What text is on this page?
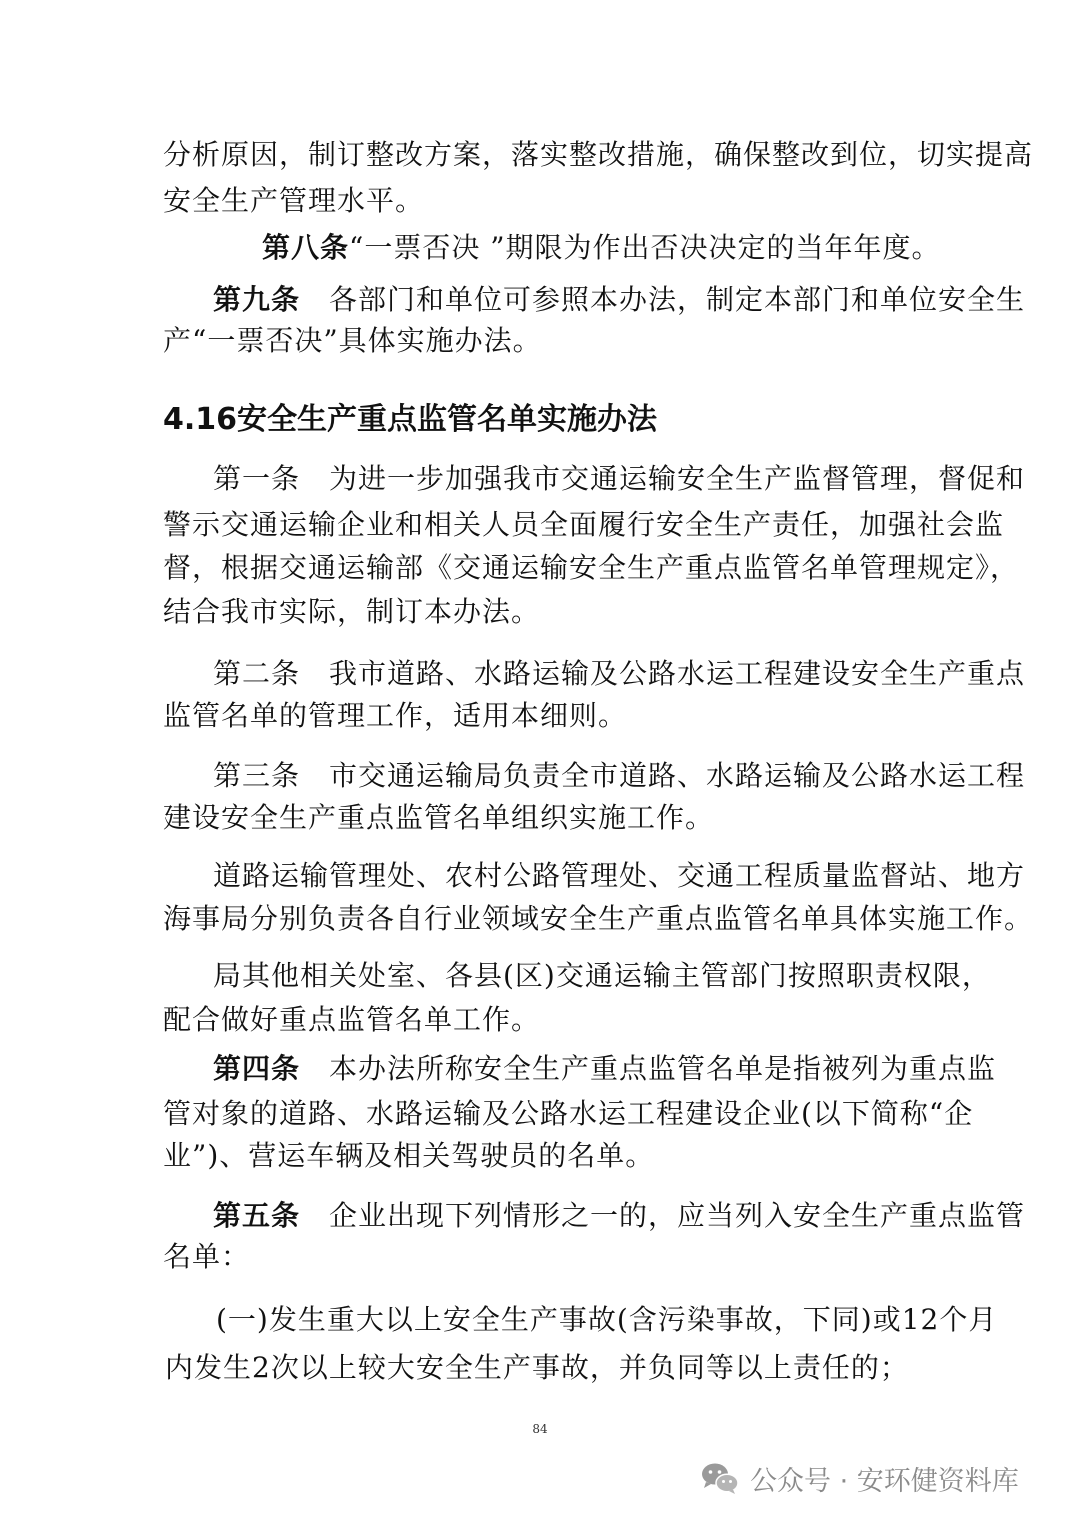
分析原因，制订整改方案，落实整改措施，确保整改到位，切实提高
安全生产管理水平。
第八条“一票否决 ”期限为作出否决决定的当年年度。
第九条　各部门和单位可参照本办法，制定本部门和单位安全生
产“一票否决”具体实施办法。
4.16安全生产重点监管名单实施办法
第一条　为进一步加强我市交通运输安全生产监督管理，督促和
警示交通运输企业和相关人员全面履行安全生产责任，加强社会监
督，根据交通运输部《交通运输安全生产重点监管名单管理规定》，
结合我市实际，制订本办法。
第二条　我市道路、水路运输及公路水运工程建设安全生产重点
监管名单的管理工作，适用本细则。
第三条　市交通运输局负责全市道路、水路运输及公路水运工程
建设安全生产重点监管名单组织实施工作。
道路运输管理处、农村公路管理处、交通工程质量监督站、地方
海事局分别负责各自行业领域安全生产重点监管名单具体实施工作。
局其他相关处室、各县(区)交通运输主管部门按照职责权限，
配合做好重点监管名单工作。
第四条　本办法所称安全生产重点监管名单是指被列为重点监
管对象的道路、水路运输及公路水运工程建设企业(以下简称“企
业”)、营运车辆及相关驾驶员的名单。
第五条　企业出现下列情形之一的，应当列入安全生产重点监管
名单：
(一)发生重大以上安全生产事故(含污染事故，下同)或12个月
内发生2次以上较大安全生产事故，并负同等以上责任的；
84
公众号 · 安环健资料库
